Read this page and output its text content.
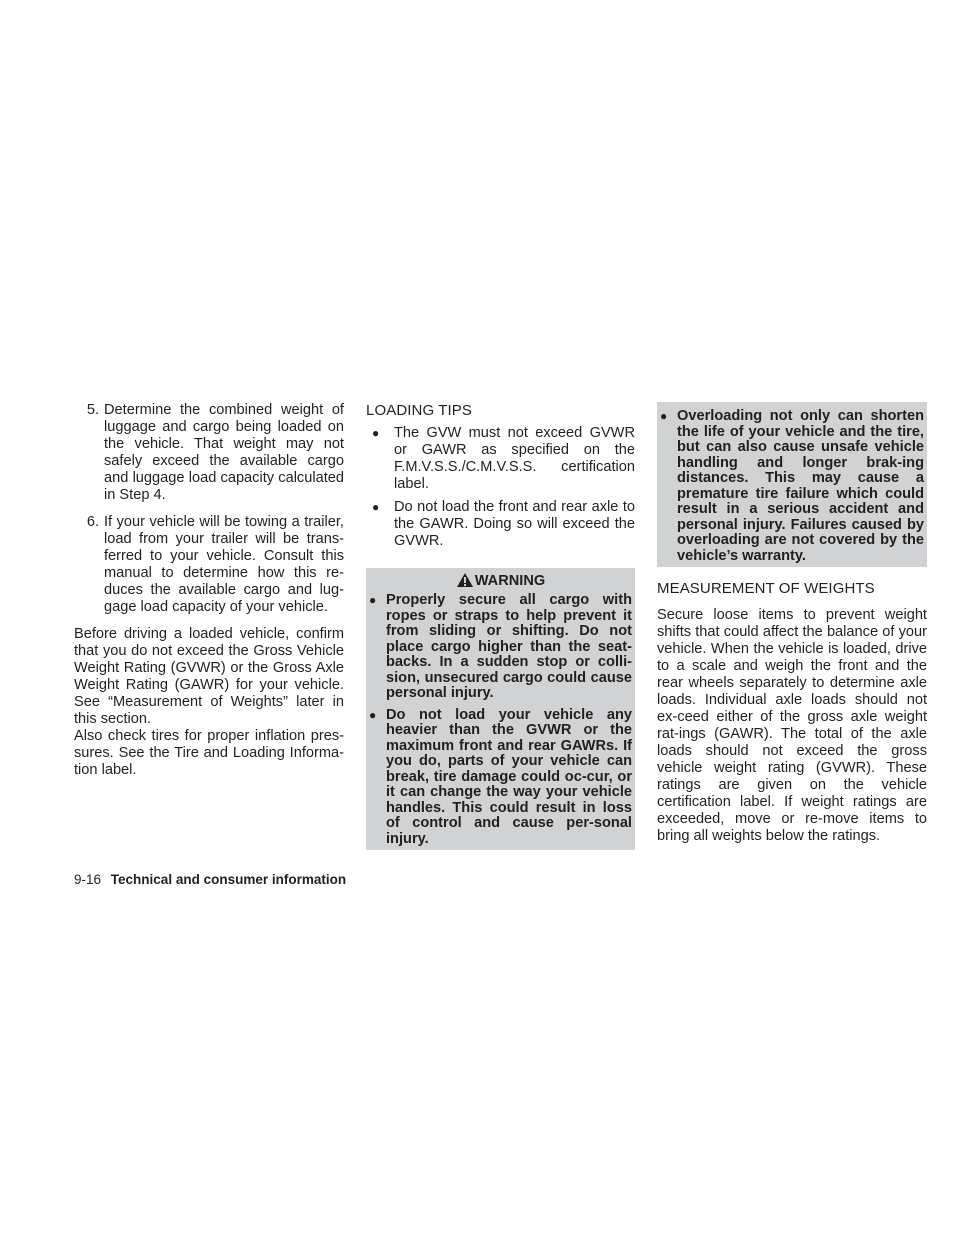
5. Determine the combined weight of luggage and cargo being loaded on the vehicle. That weight may not safely exceed the available cargo and luggage load capacity calculated in Step 4.

6. If your vehicle will be towing a trailer, load from your trailer will be trans-ferred to your vehicle. Consult this manual to determine how this re-duces the available cargo and lug-gage load capacity of your vehicle.

Before driving a loaded vehicle, confirm that you do not exceed the Gross Vehicle Weight Rating (GVWR) or the Gross Axle Weight Rating (GAWR) for your vehicle. See “Measurement of Weights” later in this section.

Also check tires for proper inflation pres-sures. See the Tire and Loading Informa-tion label.

LOADING TIPS
●	The GVW must not exceed GVWR or GAWR as specified on the F.M.V.S.S./C.M.V.S.S. certification label.

●	Do not load the front and rear axle to the GAWR. Doing so will exceed the GVWR.

WARNING
● Properly secure all cargo with ropes or straps to help prevent it from sliding or shifting. Do not place cargo higher than the seat-backs. In a sudden stop or colli-sion, unsecured cargo could cause personal injury.

● Do not load your vehicle any heavier than the GVWR or the maximum front and rear GAWRs. If you do, parts of your vehicle can break, tire damage could oc-cur, or it can change the way your vehicle handles. This could result in loss of control and cause per-sonal injury.

● Overloading not only can shorten the life of your vehicle and the tire, but can also cause unsafe vehicle handling and longer brak-ing distances. This may cause a premature tire failure which could result in a serious accident and personal injury. Failures caused by overloading are not covered by the vehicle’s warranty.

MEASUREMENT OF WEIGHTS

Secure loose items to prevent weight shifts that could affect the balance of your vehicle. When the vehicle is loaded, drive to a scale and weigh the front and the rear wheels separately to determine axle loads. Individual axle loads should not ex-ceed either of the gross axle weight rat-ings (GAWR). The total of the axle loads should not exceed the gross vehicle weight rating (GVWR). These ratings are given on the vehicle certification label. If weight ratings are exceeded, move or re-move items to bring all weights below the ratings.

9-16 Technical and consumer information
